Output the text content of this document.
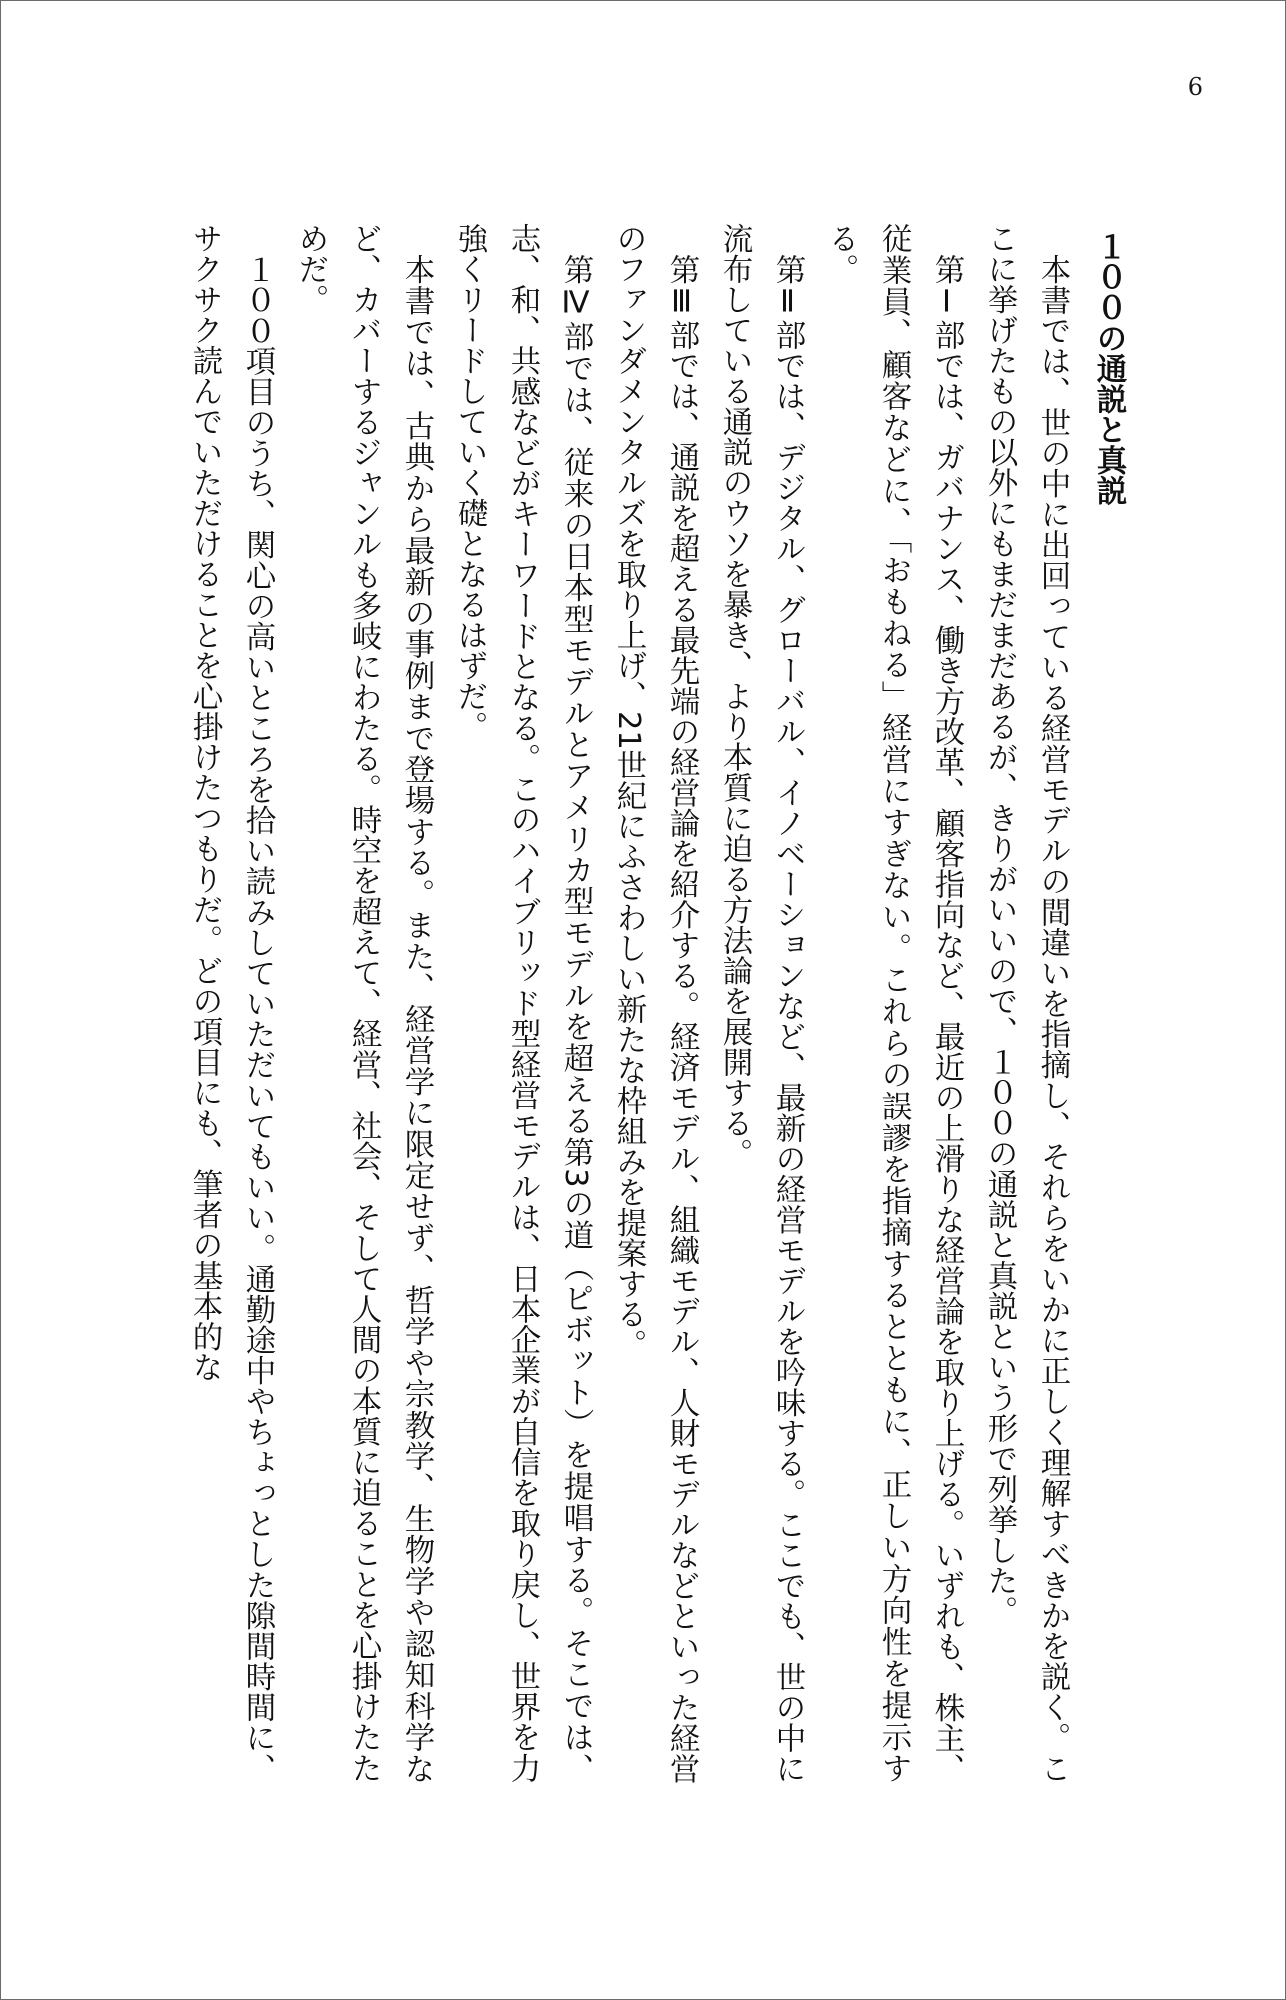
6
１００の通説と真説

本書では、世の中に出回っている経営モデルの間違いを指摘し、それらをいかに正しく理解すべきかを説く。ここに挙げたもの以外にもまだまだあるが、きりがいいので、１００の通説と真説という形で列挙した。

第Ⅰ部では、ガバナンス、働き方改革、顧客指向など、最近の上滑りな経営論を取り上げる。いずれも、株主、従業員、顧客などに、「おもねる」経営にすぎない。これらの誤謬を指摘するとともに、正しい方向性を提示する。

第Ⅱ部では、デジタル、グローバル、イノベーションなど、最新の経営モデルを吟味する。ここでも、世の中に流布している通説のウソを暴き、より本質に迫る方法論を展開する。

第Ⅲ部では、通説を超える最先端の経営論を紹介する。経済モデル、組織モデル、人財モデルなどといった経営のファンダメンタルズを取り上げ、21世紀にふさわしい新たな枠組みを提案する。

第Ⅳ部では、従来の日本型モデルとアメリカ型モデルを超える第3の道（ピボット）を提唱する。そこでは、志、和、共感などがキーワードとなる。このハイブリッド型経営モデルは、日本企業が自信を取り戻し、世界を力強くリードしていく礎となるはずだ。

本書では、古典から最新の事例まで登場する。また、経営学に限定せず、哲学や宗教学、生物学や認知科学など、カバーするジャンルも多岐にわたる。時空を超えて、経営、社会、そして人間の本質に迫ることを心掛けたためだ。

１００項目のうち、関心の高いところを拾い読みしていただいてもいい。通勤途中やちょっとした隙間時間に、サクサク読んでいただけることを心掛けたつもりだ。どの項目にも、筆者の基本的な
